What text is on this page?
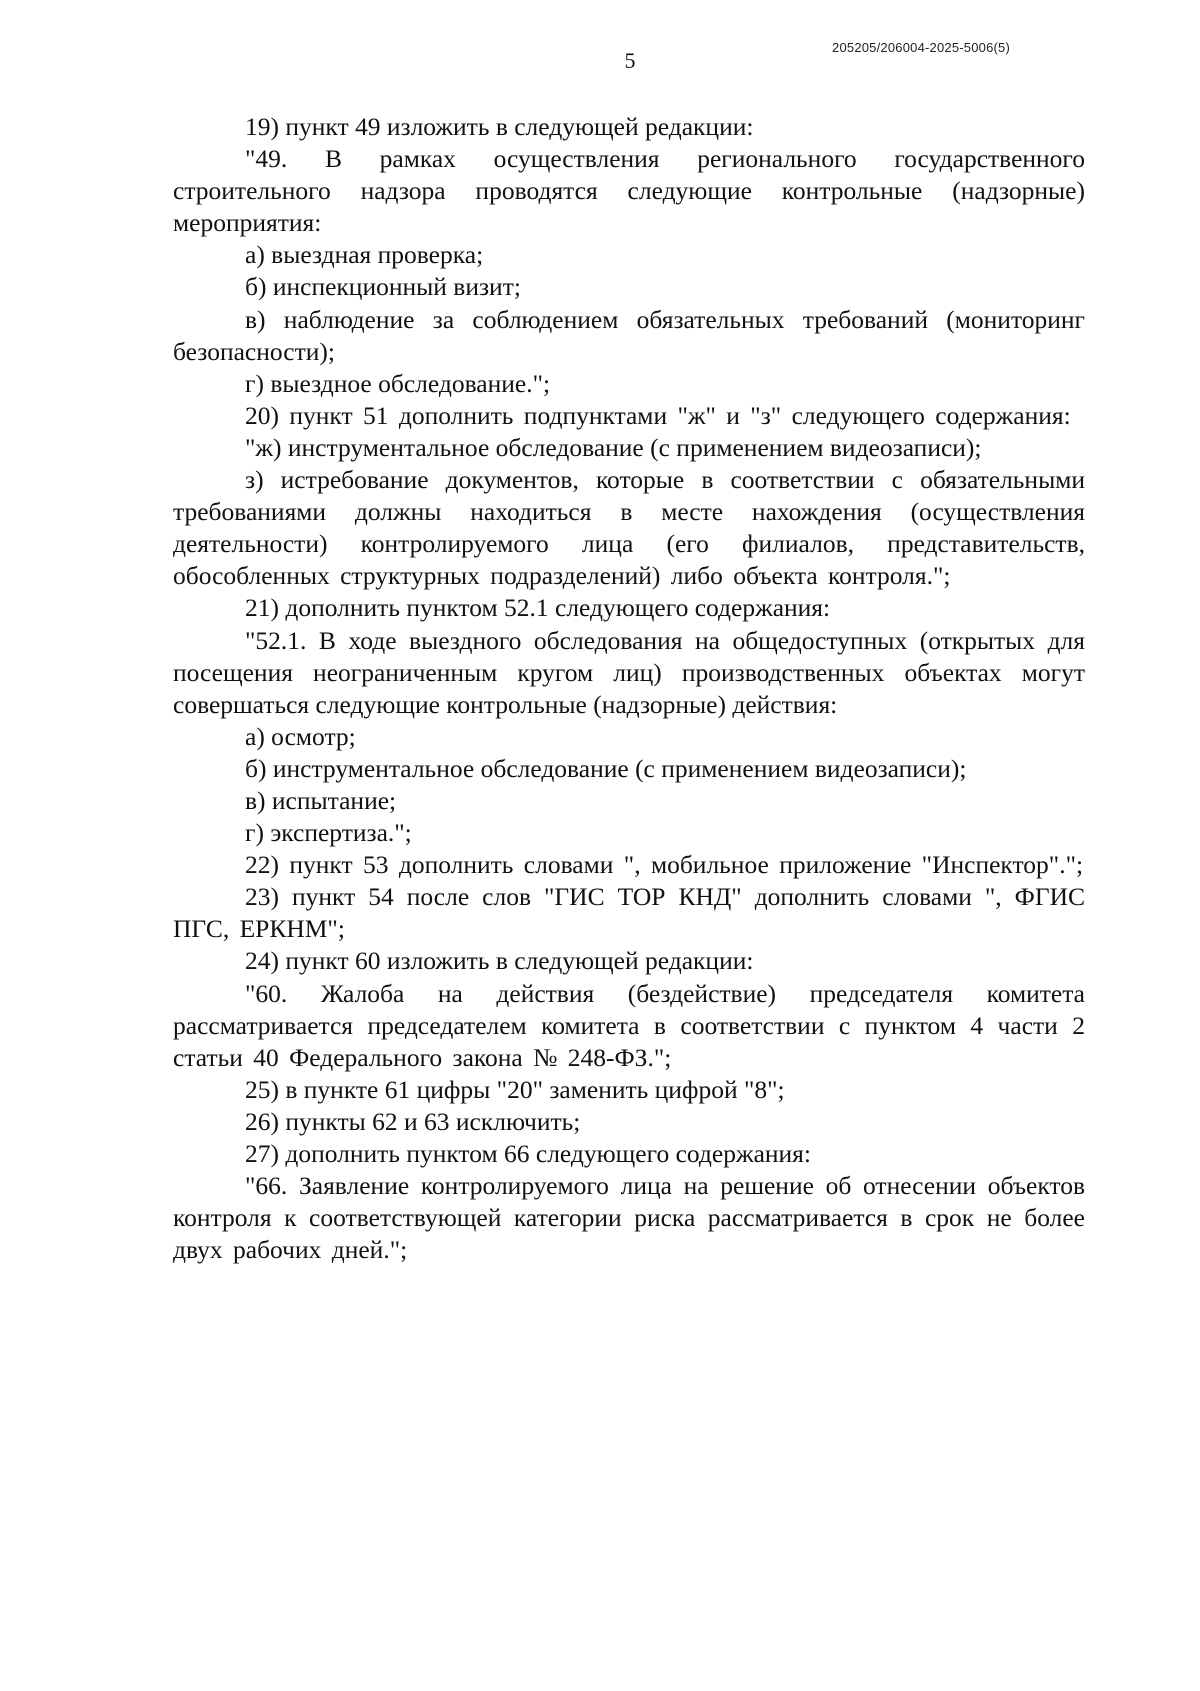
205205/206004-2025-5006(5)
5

19) пункт 49 изложить в следующей редакции:

"49. В рамках осуществления регионального государственного строительного надзора проводятся следующие контрольные (надзорные) мероприятия:

а) выездная проверка;

б) инспекционный визит;

в) наблюдение за соблюдением обязательных требований (мониторинг безопасности);

г) выездное обследование.";

20) пункт 51 дополнить подпунктами "ж" и "з" следующего содержания:

"ж) инструментальное обследование (с применением видеозаписи);

з) истребование документов, которые в соответствии с обязательными требованиями должны находиться в месте нахождения (осуществления деятельности) контролируемого лица (его филиалов, представительств, обособленных структурных подразделений) либо объекта контроля.";

21) дополнить пунктом 52.1 следующего содержания:

"52.1. В ходе выездного обследования на общедоступных (открытых для посещения неограниченным кругом лиц) производственных объектах могут совершаться следующие контрольные (надзорные) действия:

а) осмотр;

б) инструментальное обследование (с применением видеозаписи);

в) испытание;

г) экспертиза.";

22) пункт 53 дополнить словами ", мобильное приложение "Инспектор".";

23) пункт 54 после слов "ГИС ТОР КНД" дополнить словами ", ФГИС ПГС, ЕРКНМ";

24) пункт 60 изложить в следующей редакции:

"60. Жалоба на действия (бездействие) председателя комитета рассматривается председателем комитета в соответствии с пунктом 4 части 2 статьи 40 Федерального закона № 248-ФЗ.";

25) в пункте 61 цифры "20" заменить цифрой "8";

26) пункты 62 и 63 исключить;

27) дополнить пунктом 66 следующего содержания:

"66. Заявление контролируемого лица на решение об отнесении объектов контроля к соответствующей категории риска рассматривается в срок не более двух рабочих дней.";
